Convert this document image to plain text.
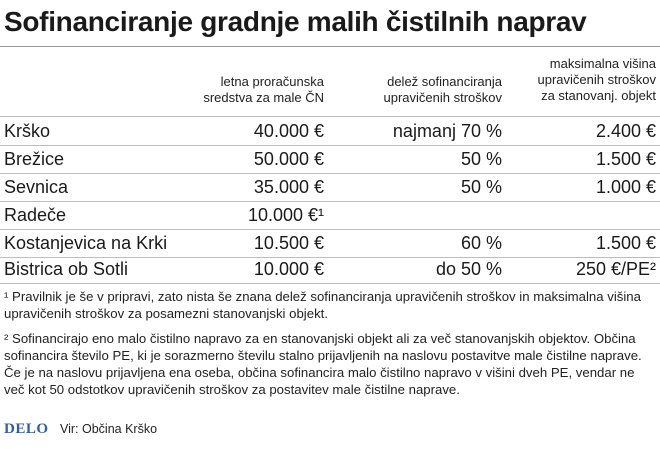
Sofinanciranje gradnje malih čistilnih naprav
letna proračunska
sredstva za male ČN
delež sofinanciranja
upravičenih stroškov
maksimalna višina
upravičenih stroškov
za stanovanj. objekt
Krško	40.000 €	najmanj 70 %	2.400 €
Brežice	50.000 €	50 %	1.500 €
Sevnica	35.000 €	50 %	1.000 €
Radeče	10.000 €¹
Kostanjevica na Krki	10.500 €	60 %	1.500 €
Bistrica ob Sotli	10.000 €	do 50 %	250 €/PE²

¹ Pravilnik je še v pripravi, zato nista še znana delež sofinanciranja upravičenih stroškov in maksimalna višina upravičenih stroškov za posamezni stanovanjski objekt.

² Sofinancirajo eno malo čistilno napravo za en stanovanjski objekt ali za več stanovanjskih objektov. Občina sofinancira število PE, ki je sorazmerno številu stalno prijavljenih na naslovu postavitve male čistilne naprave. Če je na naslovu prijavljena ena oseba, občina sofinancira malo čistilno napravo v višini dveh PE, vendar ne več kot 50 odstotkov upravičenih stroškov za postavitev male čistilne naprave.

DELO Vir: Občina Krško
